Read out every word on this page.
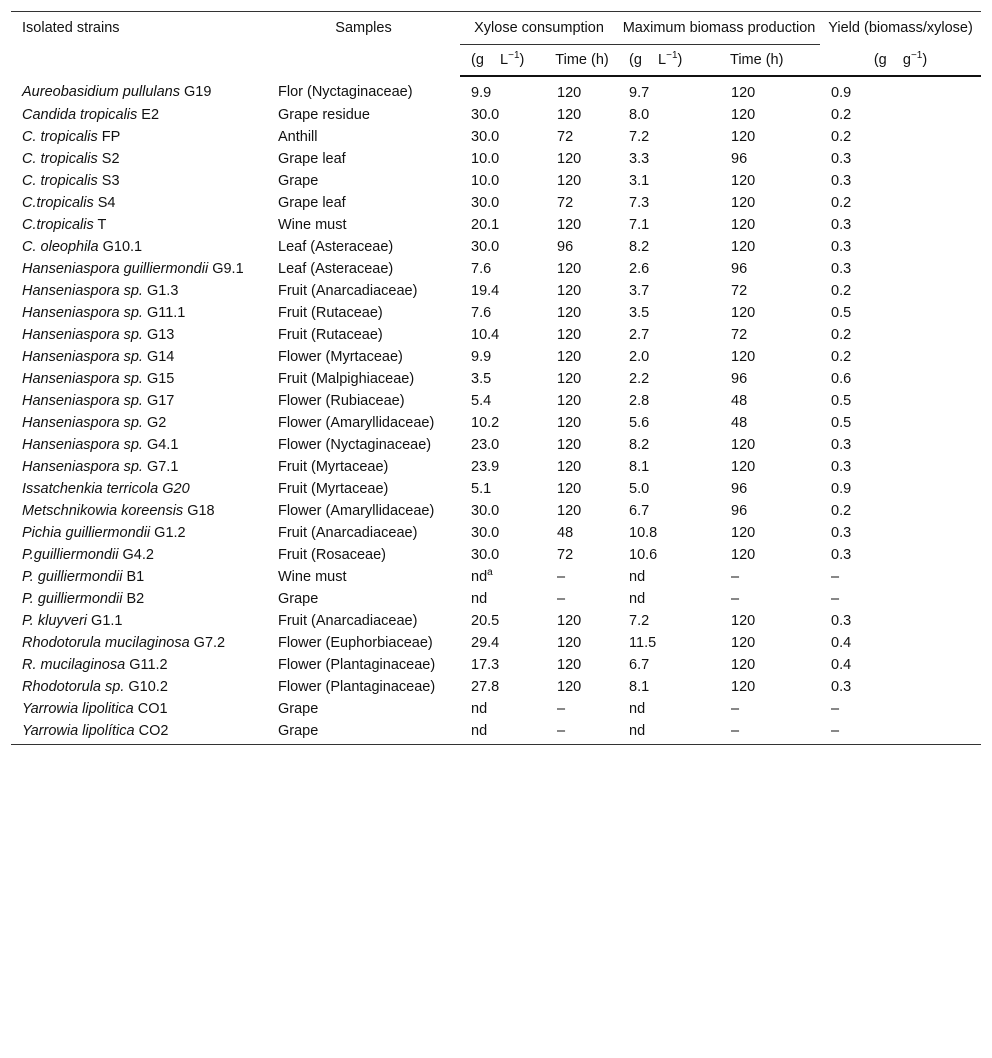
Isolated strains	Samples	Xylose consumption		Maximum biomass production		Yield (biomass/xylose)
		(g $L^{-1}$)	Time (h)	(g $L^{-1}$)	Time (h)	(g $g^{-1}$)
Aureobasidium pullulans G19	Flor (Nyctaginaceae)	9.9	120	9.7	120	0.9
Candida tropicalis E2	Grape residue	30.0	120	8.0	120	0.2
C. tropicalis FP	Anthill	30.0	72	7.2	120	0.2
C. tropicalis S2	Grape leaf	10.0	120	3.3	96	0.3
C. tropicalis S3	Grape	10.0	120	3.1	120	0.3
C.tropicalis S4	Grape leaf	30.0	72	7.3	120	0.2
C.tropicalis T	Wine must	20.1	120	7.1	120	0.3
C. oleophila G10.1	Leaf (Asteraceae)	30.0	96	8.2	120	0.3
Hanseniaspora guilliermondii G9.1	Leaf (Asteraceae)	7.6	120	2.6	96	0.3
Hanseniaspora sp. G1.3	Fruit (Anarcadiaceae)	19.4	120	3.7	72	0.2
Hanseniaspora sp. G11.1	Fruit (Rutaceae)	7.6	120	3.5	120	0.5
Hanseniaspora sp. G13	Fruit (Rutaceae)	10.4	120	2.7	72	0.2
Hanseniaspora sp. G14	Flower (Myrtaceae)	9.9	120	2.0	120	0.2
Hanseniaspora sp. G15	Fruit (Malpighiaceae)	3.5	120	2.2	96	0.6
Hanseniaspora sp. G17	Flower (Rubiaceae)	5.4	120	2.8	48	0.5
Hanseniaspora sp. G2	Flower (Amaryllidaceae)	10.2	120	5.6	48	0.5
Hanseniaspora sp. G4.1	Flower (Nyctaginaceae)	23.0	120	8.2	120	0.3
Hanseniaspora sp. G7.1	Fruit (Myrtaceae)	23.9	120	8.1	120	0.3
Issatchenkia terricola G20	Fruit (Myrtaceae)	5.1	120	5.0	96	0.9
Metschnikowia koreensis G18	Flower (Amaryllidaceae)	30.0	120	6.7	96	0.2
Pichia guilliermondii G1.2	Fruit (Anarcadiaceae)	30.0	48	10.8	120	0.3
P.guilliermondii G4.2	Fruit (Rosaceae)	30.0	72	10.6	120	0.3
P. guilliermondii B1	Wine must	$nd^a$	–	nd	–	–
P. guilliermondii B2	Grape	nd	–	nd	–	–
P. kluyveri G1.1	Fruit (Anarcadiaceae)	20.5	120	7.2	120	0.3
Rhodotorula mucilaginosa G7.2	Flower (Euphorbiaceae)	29.4	120	11.5	120	0.4
R. mucilaginosa G11.2	Flower (Plantaginaceae)	17.3	120	6.7	120	0.4
Rhodotorula sp. G10.2	Flower (Plantaginaceae)	27.8	120	8.1	120	0.3
Yarrowia lipolitica CO1	Grape	nd	–	nd	–	–
Yarrowia lipolítica CO2	Grape	nd	–	nd	–	–
